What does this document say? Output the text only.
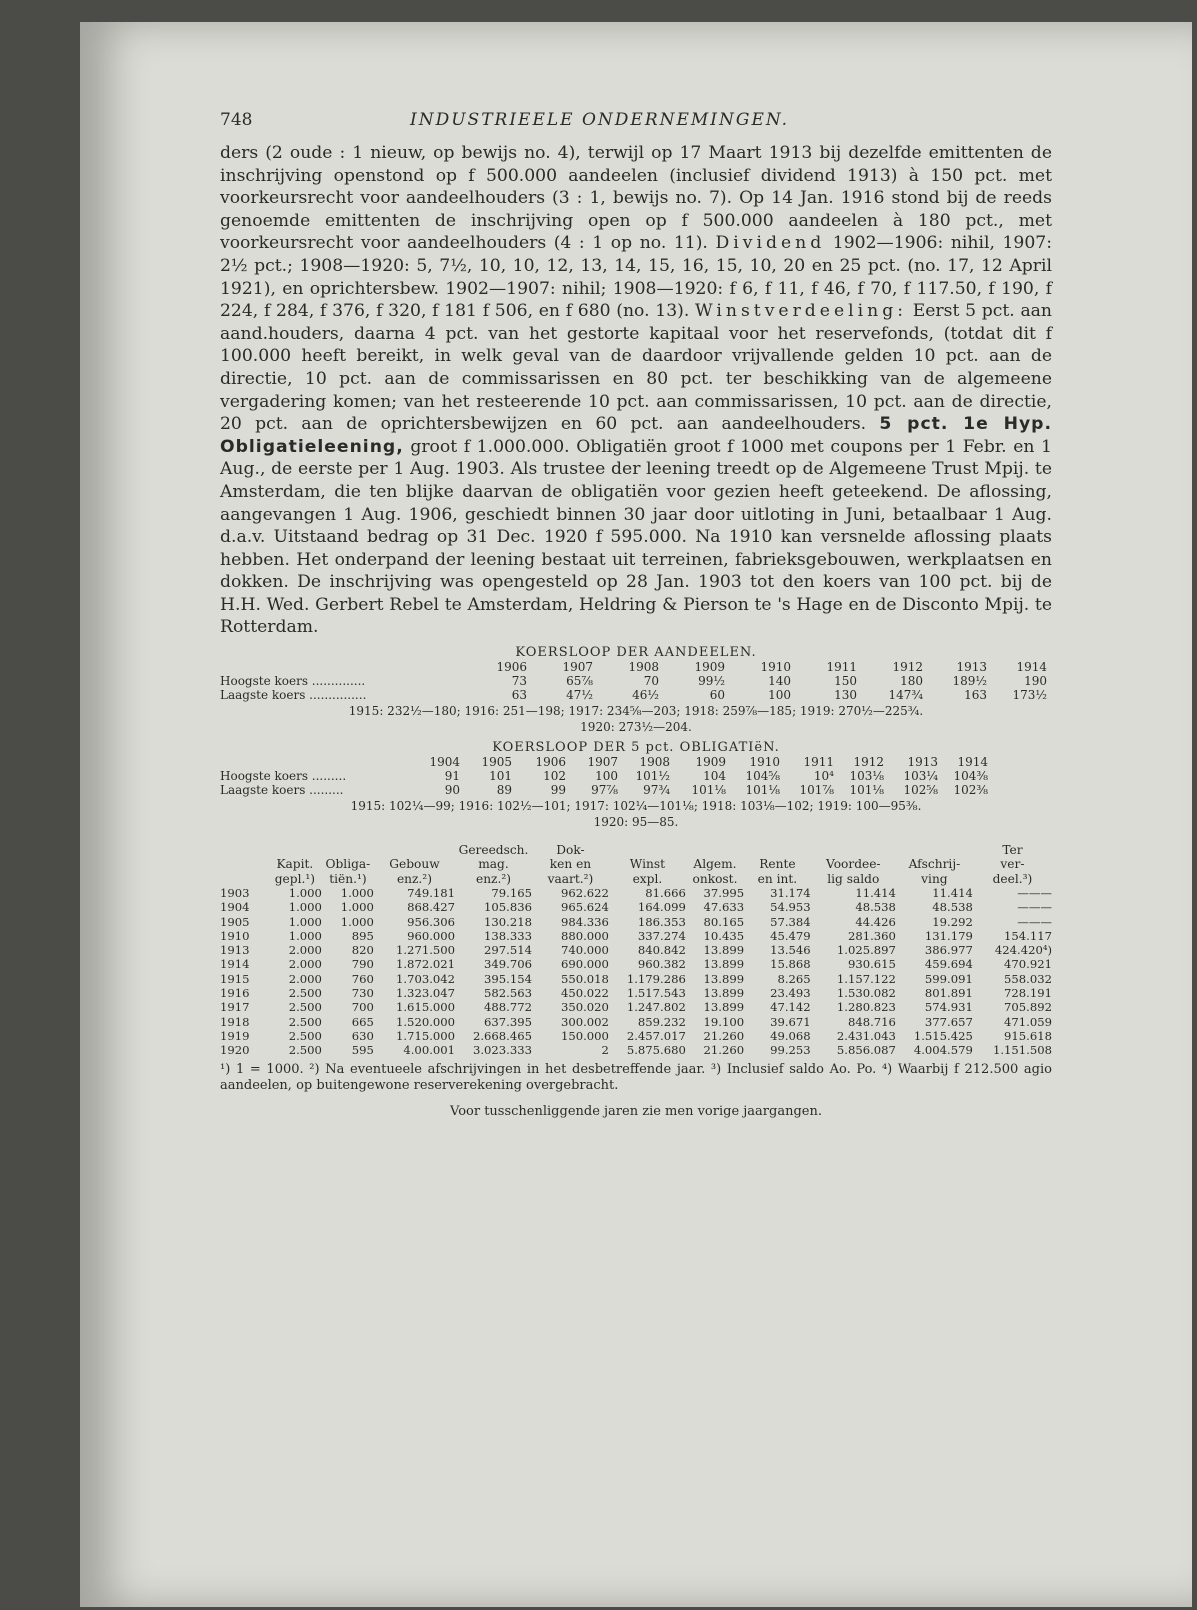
748	INDUSTRIEELE ONDERNEMINGEN.

ders (2 oude : 1 nieuw, op bewijs no. 4), terwijl op 17 Maart 1913 bij dezelfde emittenten de inschrijving openstond op f 500.000 aandeelen (inclusief dividend 1913) à 150 pct. met voorkeursrecht voor aandeelhouders (3 : 1, bewijs no. 7). Op 14 Jan. 1916 stond bij de reeds genoemde emittenten de inschrijving open op f 500.000 aandeelen à 180 pct., met voorkeursrecht voor aandeelhouders (4 : 1 op no. 11). Dividend 1902—1906: nihil, 1907: 2½ pct.; 1908—1920: 5, 7½, 10, 10, 12, 13, 14, 15, 16, 15, 10, 20 en 25 pct. (no. 17, 12 April 1921), en oprichtersbew. 1902—1907: nihil; 1908—1920: f 6, f 11, f 46, f 70, f 117.50, f 190, f 224, f 284, f 376, f 320, f 181 f 506, en f 680 (no. 13). Winstverdeeling: Eerst 5 pct. aan aand.houders, daarna 4 pct. van het gestorte kapitaal voor het reservefonds, (totdat dit f 100.000 heeft bereikt, in welk geval van de daardoor vrijvallende gelden 10 pct. aan de directie, 10 pct. aan de commissarissen en 80 pct. ter beschikking van de algemeene vergadering komen; van het resteerende 10 pct. aan commissarissen, 10 pct. aan de directie, 20 pct. aan de oprichtersbewijzen en 60 pct. aan aandeelhouders. 5 pct. 1e Hyp. Obligatieleening, groot f 1.000.000. Obligatiën groot f 1000 met coupons per 1 Febr. en 1 Aug., de eerste per 1 Aug. 1903. Als trustee der leening treedt op de Algemeene Trust Mpij. te Amsterdam, die ten blijke daarvan de obligatiën voor gezien heeft geteekend. De aflossing, aangevangen 1 Aug. 1906, geschiedt binnen 30 jaar door uitloting in Juni, betaalbaar 1 Aug. d.a.v. Uitstaand bedrag op 31 Dec. 1920 f 595.000. Na 1910 kan versnelde aflossing plaats hebben. Het onderpand der leening bestaat uit terreinen, fabrieksgebouwen, werkplaatsen en dokken. De inschrijving was opengesteld op 28 Jan. 1903 tot den koers van 100 pct. bij de H.H. Wed. Gerbert Rebel te Amsterdam, Heldring & Pierson te 's Hage en de Disconto Mpij. te Rotterdam.

KOERSLOOP DER AANDEELEN.
	1906	1907	1908	1909	1910	1911	1912	1913	1914
Hoogste koers ..............	73	65⅞	70	99½	140	150	180	189½	190
Laagste koers ...............	63	47½	46½	60	100	130	147¾	163	173½
1915: 232½—180; 1916: 251—198; 1917: 234⅝—203; 1918: 259⅞—185; 1919: 270½—225¾.
1920: 273½—204.
KOERSLOOP DER 5 pct. OBLIGATIëN.
	1904	1905	1906	1907	1908	1909	1910	1911	1912	1913	1914
Hoogste koers .........	91	101	102	100	101½	104	104⅝	10⁴	103⅛	103¼	104⅜
Laagste koers .........	90	89	99	97⅞	97¾	101⅛	101⅛	101⅞	101⅛	102⅝	102⅜
1915: 102¼—99; 1916: 102½—101; 1917: 102¼—101⅛; 1918: 103⅛—102; 1919: 100—95⅜.
1920: 95—85.
				Gereedsch.	Dok-						Ter
	Kapit.	Obliga-	Gebouw	mag.	ken en	Winst	Algem.	Rente	Voordee-	Afschrij-	ver-
	gepl.¹)	tiën.¹)	enz.²)	enz.²)	vaart.²)	expl.	onkost.	en int.	lig saldo	ving	deel.³)
1903	1.000	1.000	749.181	79.165	962.622	81.666	37.995	31.174	11.414	11.414	———
1904	1.000	1.000	868.427	105.836	965.624	164.099	47.633	54.953	48.538	48.538	———
1905	1.000	1.000	956.306	130.218	984.336	186.353	80.165	57.384	44.426	19.292	———
1910	1.000	895	960.000	138.333	880.000	337.274	10.435	45.479	281.360	131.179	154.117
1913	2.000	820	1.271.500	297.514	740.000	840.842	13.899	13.546	1.025.897	386.977	424.420⁴)
1914	2.000	790	1.872.021	349.706	690.000	960.382	13.899	15.868	930.615	459.694	470.921
1915	2.000	760	1.703.042	395.154	550.018	1.179.286	13.899	8.265	1.157.122	599.091	558.032
1916	2.500	730	1.323.047	582.563	450.022	1.517.543	13.899	23.493	1.530.082	801.891	728.191
1917	2.500	700	1.615.000	488.772	350.020	1.247.802	13.899	47.142	1.280.823	574.931	705.892
1918	2.500	665	1.520.000	637.395	300.002	859.232	19.100	39.671	848.716	377.657	471.059
1919	2.500	630	1.715.000	2.668.465	150.000	2.457.017	21.260	49.068	2.431.043	1.515.425	915.618
1920	2.500	595	4.00.001	3.023.333	2	5.875.680	21.260	99.253	5.856.087	4.004.579	1.151.508
¹) 1 = 1000. ²) Na eventueele afschrijvingen in het desbetreffende jaar. ³) Inclusief saldo Ao. Po. ⁴) Waarbij f 212.500 agio aandeelen, op buitengewone reserverekening overgebracht.
Voor tusschenliggende jaren zie men vorige jaargangen.
